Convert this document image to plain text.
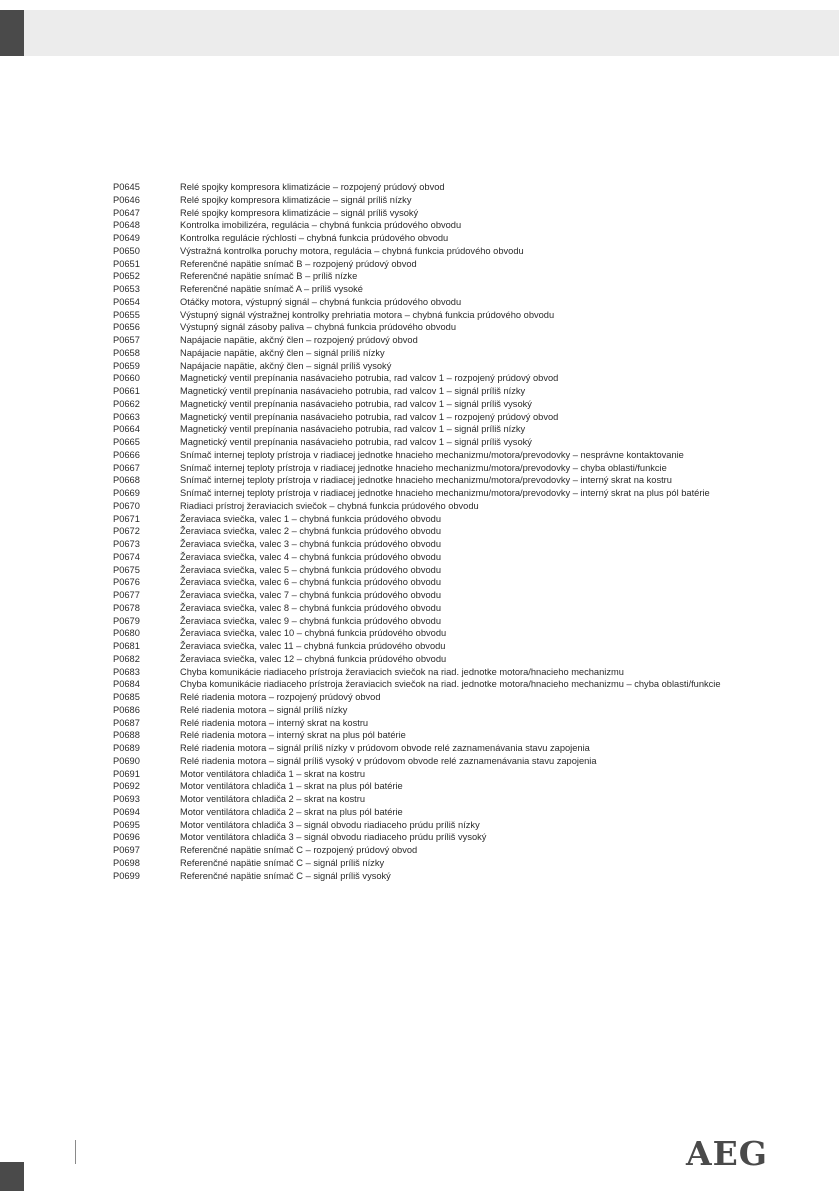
P0645	Relé spojky kompresora klimatizácie – rozpojený prúdový obvod
P0646	Relé spojky kompresora klimatizácie – signál príliš nízky
P0647	Relé spojky kompresora klimatizácie – signál príliš vysoký
P0648	Kontrolka imobilizéra, regulácia – chybná funkcia prúdového obvodu
P0649	Kontrolka regulácie rýchlosti – chybná funkcia prúdového obvodu
P0650	Výstražná kontrolka poruchy motora, regulácia – chybná funkcia prúdového obvodu
P0651	Referenčné napätie snímač B – rozpojený prúdový obvod
P0652	Referenčné napätie snímač B – príliš nízke
P0653	Referenčné napätie snímač A – príliš vysoké
P0654	Otáčky motora, výstupný signál – chybná funkcia prúdového obvodu
P0655	Výstupný signál výstražnej kontrolky prehriatia motora – chybná funkcia prúdového obvodu
P0656	Výstupný signál zásoby paliva – chybná funkcia prúdového obvodu
P0657	Napájacie napätie, akčný člen – rozpojený prúdový obvod
P0658	Napájacie napätie, akčný člen – signál príliš nízky
P0659	Napájacie napätie, akčný člen – signál príliš vysoký
P0660	Magnetický ventil prepínania nasávacieho potrubia, rad valcov 1 – rozpojený prúdový obvod
P0661	Magnetický ventil prepínania nasávacieho potrubia, rad valcov 1 – signál príliš nízky
P0662	Magnetický ventil prepínania nasávacieho potrubia, rad valcov 1 – signál príliš vysoký
P0663	Magnetický ventil prepínania nasávacieho potrubia, rad valcov 1 – rozpojený prúdový obvod
P0664	Magnetický ventil prepínania nasávacieho potrubia, rad valcov 1 – signál príliš nízky
P0665	Magnetický ventil prepínania nasávacieho potrubia, rad valcov 1 – signál príliš vysoký
P0666	Snímač internej teploty prístroja v riadiacej jednotke hnacieho mechanizmu/motora/prevodovky – nesprávne kontaktovanie
P0667	Snímač internej teploty prístroja v riadiacej jednotke hnacieho mechanizmu/motora/prevodovky – chyba oblasti/funkcie
P0668	Snímač internej teploty prístroja v riadiacej jednotke hnacieho mechanizmu/motora/prevodovky – interný skrat na kostru
P0669	Snímač internej teploty prístroja v riadiacej jednotke hnacieho mechanizmu/motora/prevodovky – interný skrat na plus pól batérie
P0670	Riadiaci prístroj žeraviacich sviečok – chybná funkcia prúdového obvodu
P0671	Žeraviaca sviečka, valec 1 – chybná funkcia prúdového obvodu
P0672	Žeraviaca sviečka, valec 2 – chybná funkcia prúdového obvodu
P0673	Žeraviaca sviečka, valec 3 – chybná funkcia prúdového obvodu
P0674	Žeraviaca sviečka, valec 4 – chybná funkcia prúdového obvodu
P0675	Žeraviaca sviečka, valec 5 – chybná funkcia prúdového obvodu
P0676	Žeraviaca sviečka, valec 6 – chybná funkcia prúdového obvodu
P0677	Žeraviaca sviečka, valec 7 – chybná funkcia prúdového obvodu
P0678	Žeraviaca sviečka, valec 8 – chybná funkcia prúdového obvodu
P0679	Žeraviaca sviečka, valec 9 – chybná funkcia prúdového obvodu
P0680	Žeraviaca sviečka, valec 10 – chybná funkcia prúdového obvodu
P0681	Žeraviaca sviečka, valec 11 – chybná funkcia prúdového obvodu
P0682	Žeraviaca sviečka, valec 12 – chybná funkcia prúdového obvodu
P0683	Chyba komunikácie riadiaceho prístroja žeraviacich sviečok na riad. jednotke motora/hnacieho mechanizmu
P0684	Chyba komunikácie riadiaceho prístroja žeraviacich sviečok na riad. jednotke motora/hnacieho mechanizmu – chyba oblasti/funkcie
P0685	Relé riadenia motora – rozpojený prúdový obvod
P0686	Relé riadenia motora – signál príliš nízky
P0687	Relé riadenia motora – interný skrat na kostru
P0688	Relé riadenia motora – interný skrat na plus pól batérie
P0689	Relé riadenia motora – signál príliš nízky v prúdovom obvode relé zaznamenávania stavu zapojenia
P0690	Relé riadenia motora – signál príliš vysoký v prúdovom obvode relé zaznamenávania stavu zapojenia
P0691	Motor ventilátora chladiča 1 – skrat na kostru
P0692	Motor ventilátora chladiča 1 – skrat na plus pól batérie
P0693	Motor ventilátora chladiča 2 – skrat na kostru
P0694	Motor ventilátora chladiča 2 – skrat na plus pól batérie
P0695	Motor ventilátora chladiča 3 – signál obvodu riadiaceho prúdu príliš nízky
P0696	Motor ventilátora chladiča 3 – signál obvodu riadiaceho prúdu príliš vysoký
P0697	Referenčné napätie snímač C – rozpojený prúdový obvod
P0698	Referenčné napätie snímač C – signál príliš nízky
P0699	Referenčné napätie snímač C – signál príliš vysoký
AEG
